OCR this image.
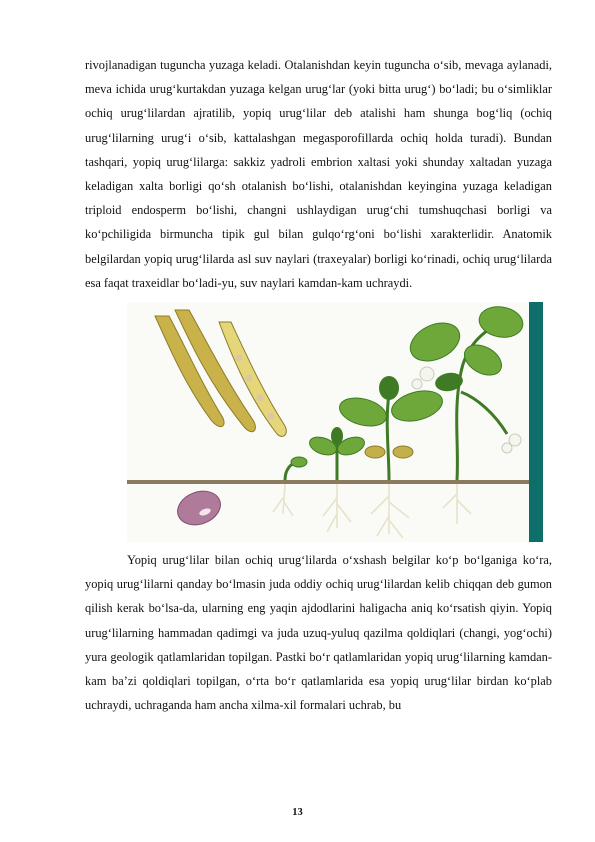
rivojlanadigan tuguncha yuzaga keladi. Otalanishdan keyin tuguncha o‘sib, mevaga aylanadi, meva ichida urug‘kurtakdan yuzaga kelgan urug‘lar (yoki bitta urug‘) bo‘ladi; bu o‘simliklar ochiq urug‘lilardan ajratilib, yopiq urug‘lilar deb atalishi ham shunga bog‘liq (ochiq urug‘lilarning urug‘i o‘sib, kattalashgan megasporofillarda ochiq holda turadi). Bundan tashqari, yopiq urug‘lilarga: sakkiz yadroli embrion xaltasi yoki shunday xaltadan yuzaga keladigan xalta borligi qo‘sh otalanish bo‘lishi, otalanishdan keyingina yuzaga keladigan triploid endosperm bo‘lishi, changni ushlaydigan urug‘chi tumshuqchasi borligi va ko‘pchiligida birmuncha tipik gul bilan gulqo‘rg‘oni bo‘lishi xarakterlidir. Anatomik belgilardan yopiq urug‘lilarda asl suv naylari (traxeyalar) borligi ko‘rinadi, ochiq urug‘lilarda esa faqat traxeidlar bo‘ladi-yu, suv naylari kamdan-kam uchraydi.

Yopiq urug‘lilar bilan ochiq urug‘lilarda o‘xshash belgilar ko‘p bo‘lganiga ko‘ra, yopiq urug‘lilarni qanday bo‘lmasin juda oddiy ochiq urug‘lilardan kelib chiqqan deb gumon qilish kerak bo‘lsa-da, ularning eng yaqin ajdodlarini haligacha aniq ko‘rsatish qiyin. Yopiq urug‘lilarning hammadan qadimgi va juda uzuq-yuluq qazilma qoldiqlari (changi, yog‘ochi) yura geologik qatlamlaridan topilgan. Pastki bo‘r qatlamlaridan yopiq urug‘lilarning kamdan-kam ba’zi qoldiqlari topilgan, o‘rta bo‘r qatlamlarida esa yopiq urug‘lilar birdan ko‘plab uchraydi, uchraganda ham ancha xilma-xil formalari uchrab, bu

13
